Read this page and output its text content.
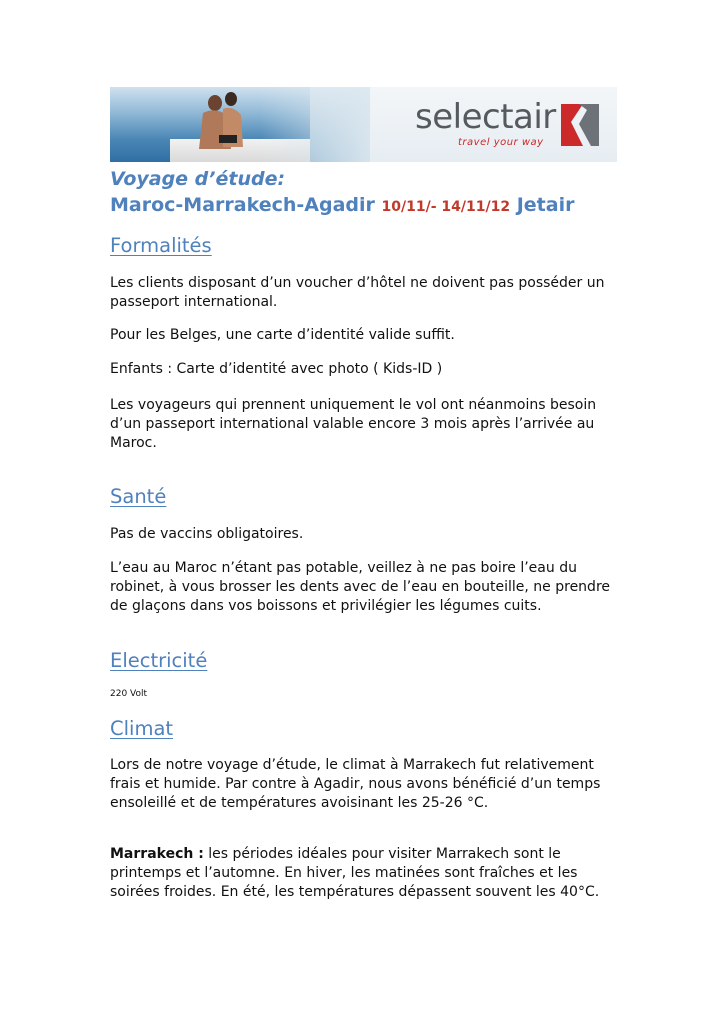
selectair
travel your way
Voyage d’étude:
Maroc-Marrakech-Agadir 10/11/- 14/11/12 Jetair
Formalités

Les clients disposant d’un voucher d’hôtel ne doivent pas posséder un passeport international.

Pour les Belges, une carte d’identité valide suffit.

Enfants : Carte d’identité avec photo ( Kids-ID )

Les voyageurs qui prennent uniquement le vol ont néanmoins besoin d’un passeport international valable encore 3 mois après l’arrivée au Maroc.

Santé

Pas de vaccins obligatoires.

L’eau au Maroc n’étant pas potable, veillez à ne pas boire l’eau du robinet, à vous brosser les dents avec de l’eau en bouteille, ne prendre de glaçons dans vos boissons et privilégier les légumes cuits.

Electricité

220 Volt

Climat

Lors de notre voyage d’étude, le climat à Marrakech fut relativement frais et humide. Par contre à Agadir, nous avons bénéficié d’un temps ensoleillé et de températures avoisinant les 25-26 °C.

Marrakech : les périodes idéales pour visiter Marrakech sont le printemps et l’automne. En hiver, les matinées sont fraîches et les soirées froides. En été, les températures dépassent souvent les 40°C.
